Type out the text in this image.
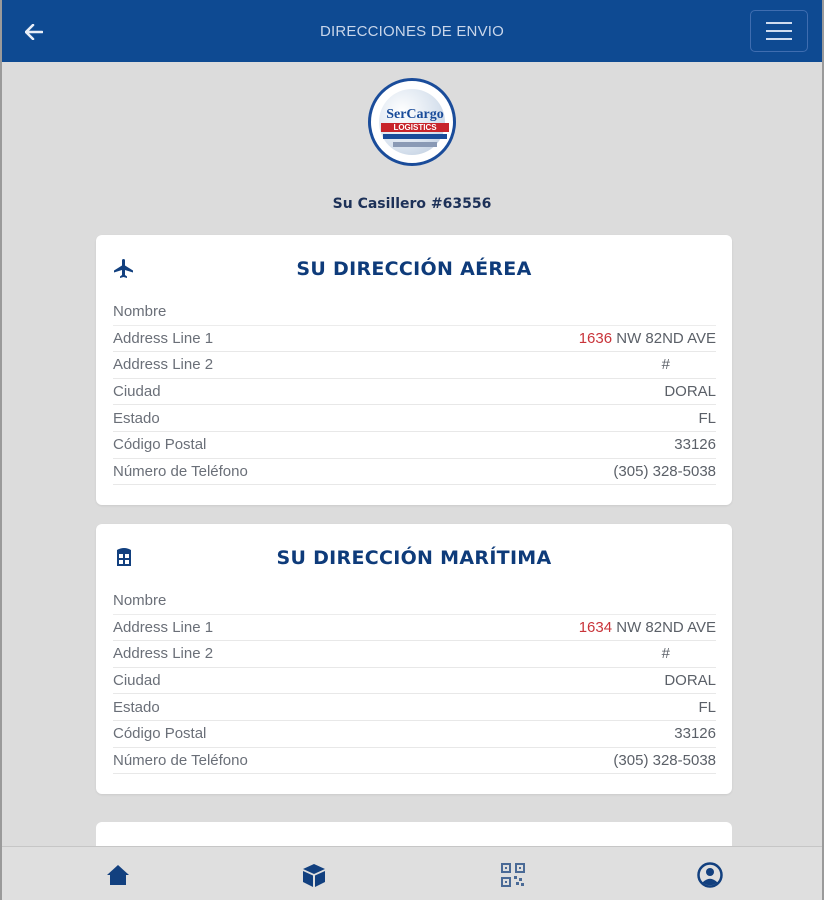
DIRECCIONES DE ENVIO
SerCargo
LOGISTICS
Su Casillero #63556
SU DIRECCIÓN AÉREA
Nombre
Address Line 1	1636 NW 82ND AVE
Address Line 2	#
Ciudad	DORAL
Estado	FL
Código Postal	33126
Número de Teléfono	(305) 328-5038
SU DIRECCIÓN MARÍTIMA
Nombre
Address Line 1	1634 NW 82ND AVE
Address Line 2	#
Ciudad	DORAL
Estado	FL
Código Postal	33126
Número de Teléfono	(305) 328-5038
